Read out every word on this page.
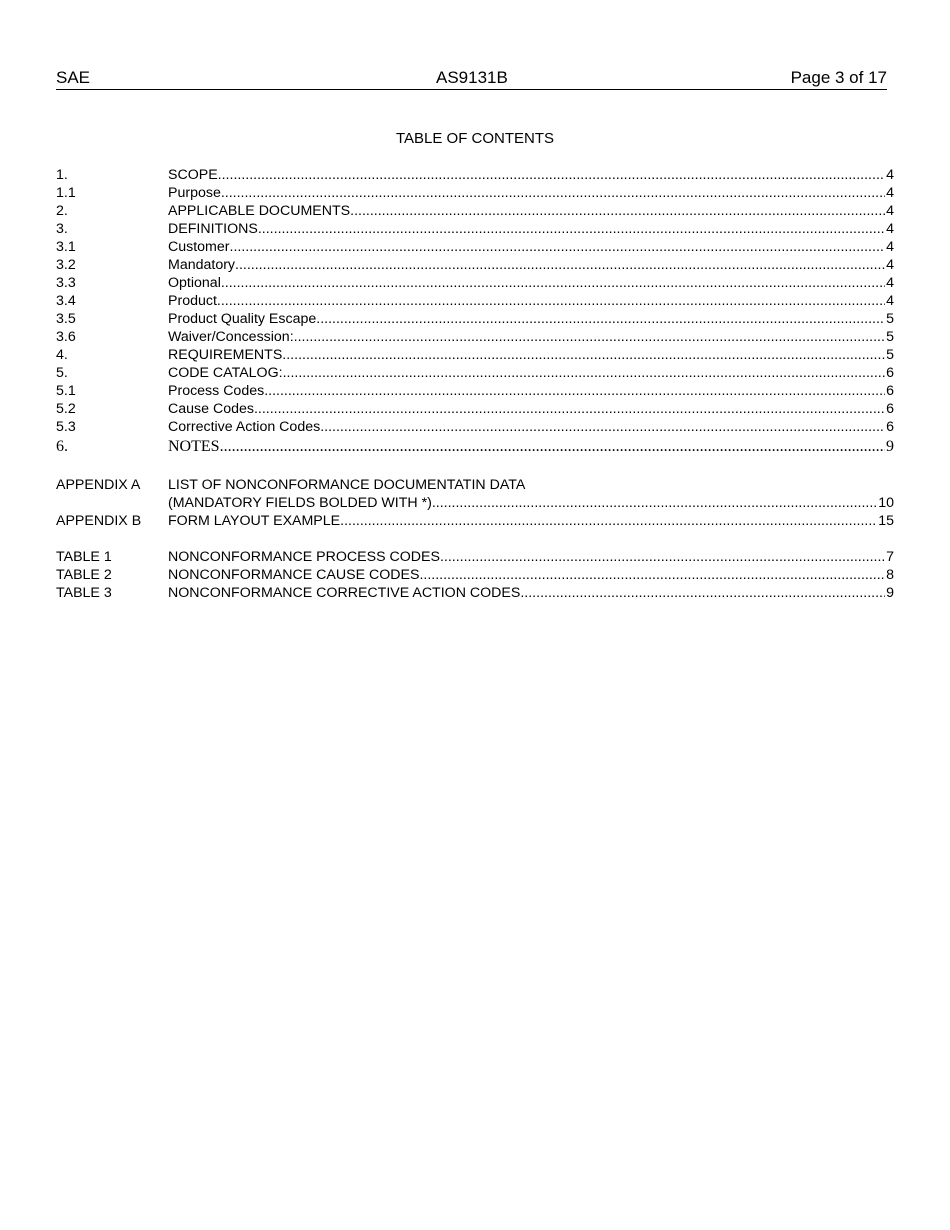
SAE	AS9131B	Page 3 of 17
TABLE OF CONTENTS
1.	SCOPE .....	4
1.1	Purpose .....	4
2.	APPLICABLE DOCUMENTS .....	4
3.	DEFINITIONS .....	4
3.1	Customer .....	4
3.2	Mandatory .....	4
3.3	Optional .....	4
3.4	Product .....	4
3.5	Product Quality Escape .....	5
3.6	Waiver/Concession: .....	5
4.	REQUIREMENTS .....	5
5.	CODE CATALOG: .....	6
5.1	Process Codes .....	6
5.2	Cause Codes .....	6
5.3	Corrective Action Codes .....	6
6.	NOTES .....	9
APPENDIX A LIST OF NONCONFORMANCE DOCUMENTATIN DATA
(MANDATORY FIELDS BOLDED WITH *) .....	10
APPENDIX B FORM LAYOUT EXAMPLE .....	15
TABLE 1	NONCONFORMANCE PROCESS CODES .....	7
TABLE 2	NONCONFORMANCE CAUSE CODES .....	8
TABLE 3	NONCONFORMANCE CORRECTIVE ACTION CODES .....	9
